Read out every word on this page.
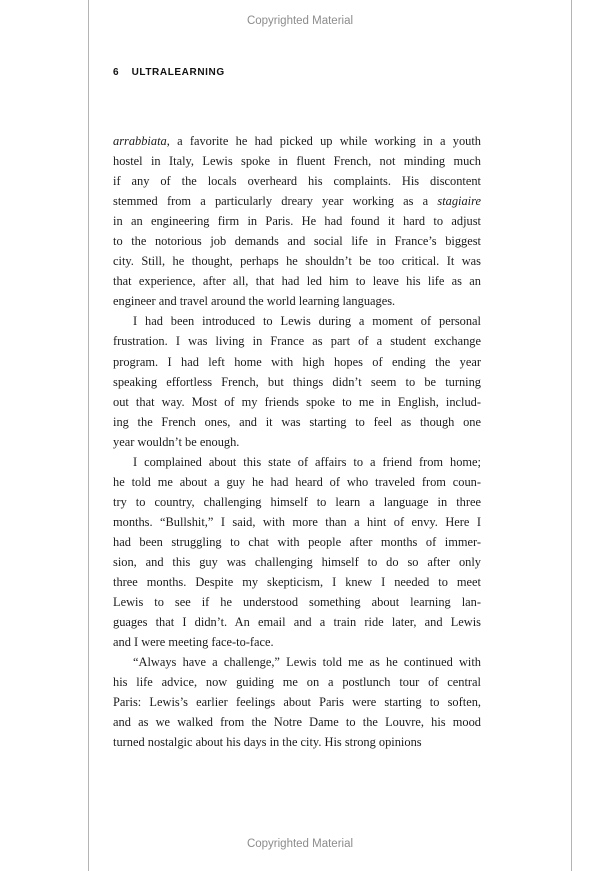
Copyrighted Material
6 ULTRALEARNING
arrabbiata, a favorite he had picked up while working in a youth
hostel in Italy, Lewis spoke in fluent French, not minding much
if any of the locals overheard his complaints. His discontent
stemmed from a particularly dreary year working as a stagiaire
in an engineering firm in Paris. He had found it hard to adjust
to the notorious job demands and social life in France’s biggest
city. Still, he thought, perhaps he shouldn’t be too critical. It was
that experience, after all, that had led him to leave his life as an
engineer and travel around the world learning languages.
I had been introduced to Lewis during a moment of personal
frustration. I was living in France as part of a student exchange
program. I had left home with high hopes of ending the year
speaking effortless French, but things didn’t seem to be turning
out that way. Most of my friends spoke to me in English, includ-
ing the French ones, and it was starting to feel as though one
year wouldn’t be enough.
I complained about this state of affairs to a friend from home;
he told me about a guy he had heard of who traveled from coun-
try to country, challenging himself to learn a language in three
months. “Bullshit,” I said, with more than a hint of envy. Here I
had been struggling to chat with people after months of immer-
sion, and this guy was challenging himself to do so after only
three months. Despite my skepticism, I knew I needed to meet
Lewis to see if he understood something about learning lan-
guages that I didn’t. An email and a train ride later, and Lewis
and I were meeting face-to-face.
“Always have a challenge,” Lewis told me as he continued with
his life advice, now guiding me on a postlunch tour of central
Paris: Lewis’s earlier feelings about Paris were starting to soften,
and as we walked from the Notre Dame to the Louvre, his mood
turned nostalgic about his days in the city. His strong opinions
Copyrighted Material
